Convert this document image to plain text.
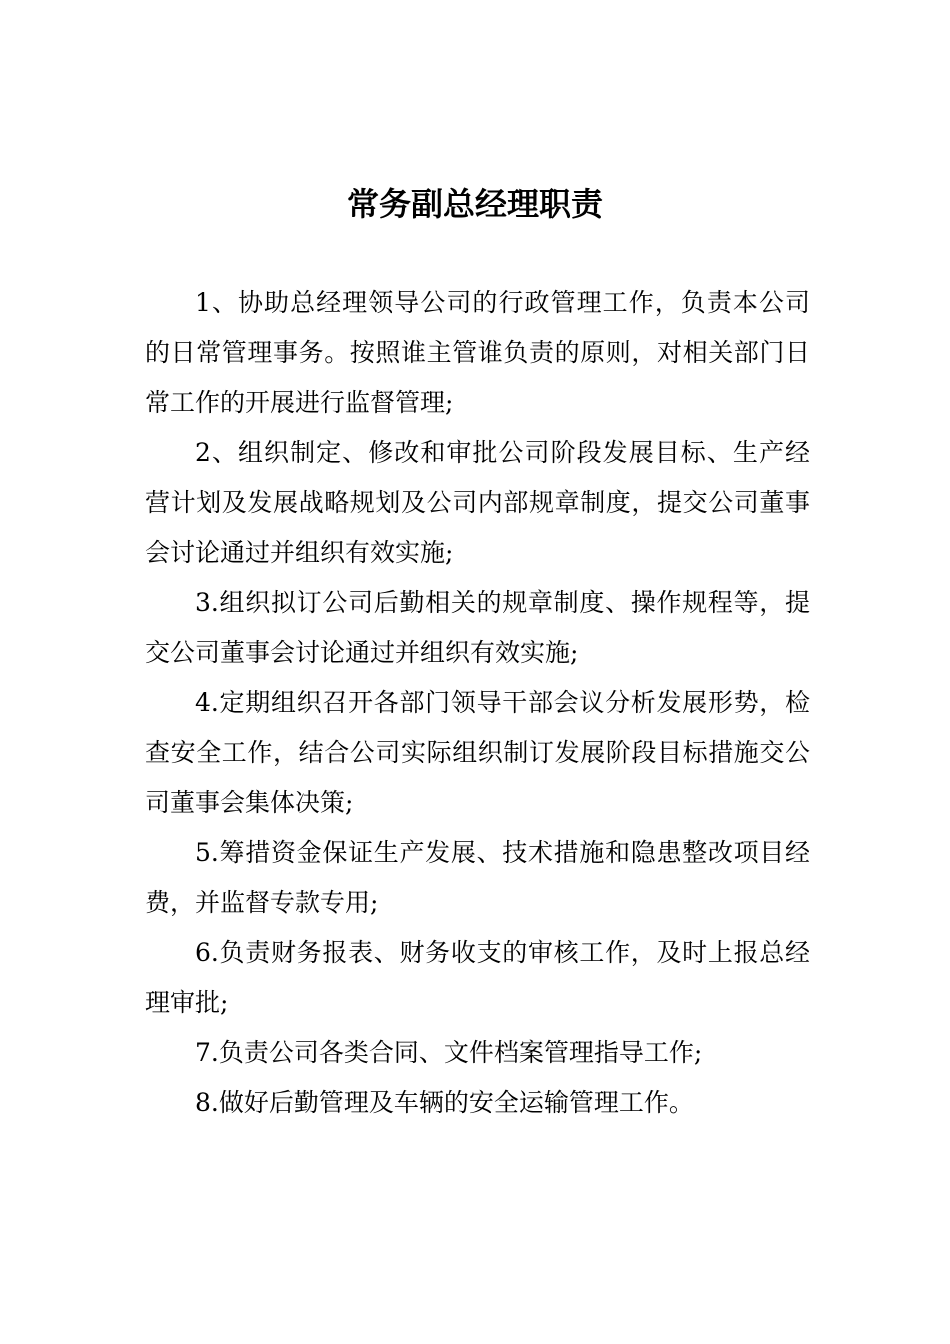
常务副总经理职责

1、协助总经理领导公司的行政管理工作，负责本公司的日常管理事务。按照谁主管谁负责的原则，对相关部门日常工作的开展进行监督管理;

2、组织制定、修改和审批公司阶段发展目标、生产经营计划及发展战略规划及公司内部规章制度，提交公司董事会讨论通过并组织有效实施;

3.组织拟订公司后勤相关的规章制度、操作规程等，提交公司董事会讨论通过并组织有效实施;

4.定期组织召开各部门领导干部会议分析发展形势，检查安全工作，结合公司实际组织制订发展阶段目标措施交公司董事会集体决策;

5.筹措资金保证生产发展、技术措施和隐患整改项目经费，并监督专款专用;

6.负责财务报表、财务收支的审核工作，及时上报总经理审批;

7.负责公司各类合同、文件档案管理指导工作;

8.做好后勤管理及车辆的安全运输管理工作。
